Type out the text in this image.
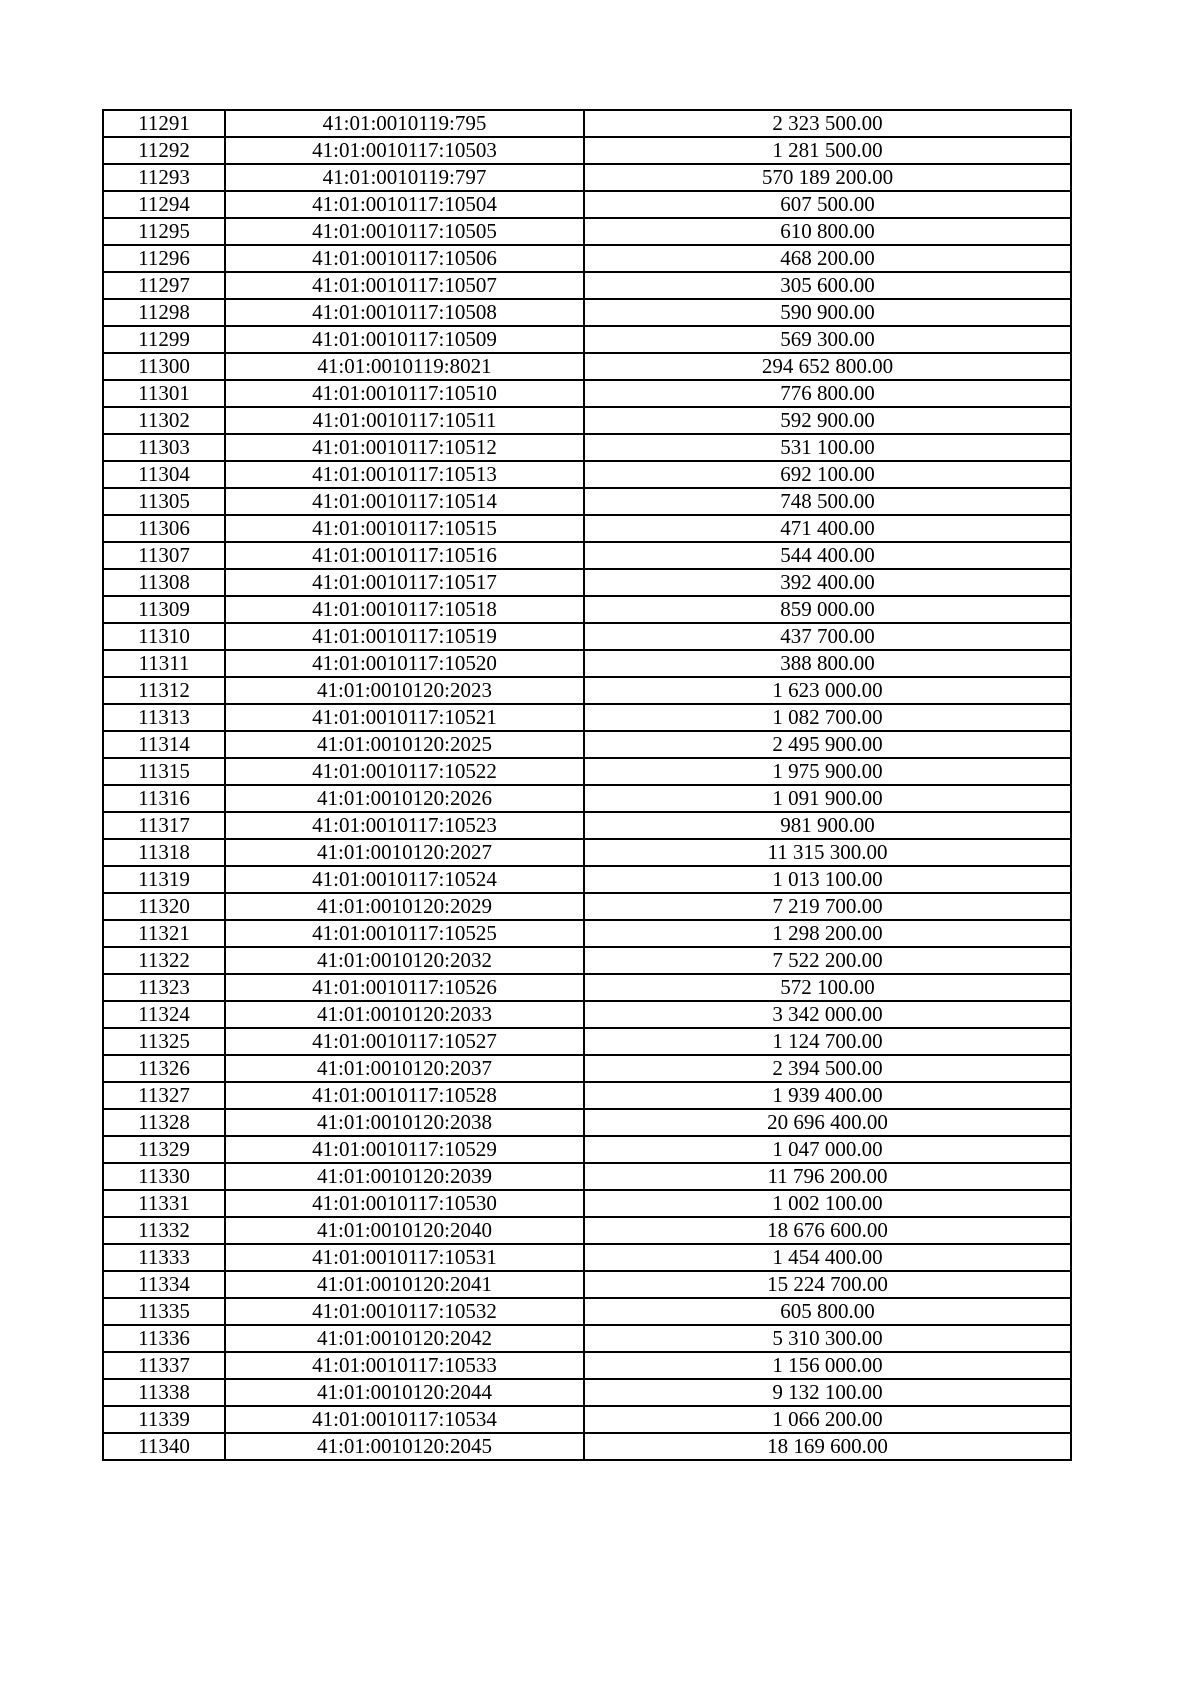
11291	41:01:0010119:795	2 323 500.00
11292	41:01:0010117:10503	1 281 500.00
11293	41:01:0010119:797	570 189 200.00
11294	41:01:0010117:10504	607 500.00
11295	41:01:0010117:10505	610 800.00
11296	41:01:0010117:10506	468 200.00
11297	41:01:0010117:10507	305 600.00
11298	41:01:0010117:10508	590 900.00
11299	41:01:0010117:10509	569 300.00
11300	41:01:0010119:8021	294 652 800.00
11301	41:01:0010117:10510	776 800.00
11302	41:01:0010117:10511	592 900.00
11303	41:01:0010117:10512	531 100.00
11304	41:01:0010117:10513	692 100.00
11305	41:01:0010117:10514	748 500.00
11306	41:01:0010117:10515	471 400.00
11307	41:01:0010117:10516	544 400.00
11308	41:01:0010117:10517	392 400.00
11309	41:01:0010117:10518	859 000.00
11310	41:01:0010117:10519	437 700.00
11311	41:01:0010117:10520	388 800.00
11312	41:01:0010120:2023	1 623 000.00
11313	41:01:0010117:10521	1 082 700.00
11314	41:01:0010120:2025	2 495 900.00
11315	41:01:0010117:10522	1 975 900.00
11316	41:01:0010120:2026	1 091 900.00
11317	41:01:0010117:10523	981 900.00
11318	41:01:0010120:2027	11 315 300.00
11319	41:01:0010117:10524	1 013 100.00
11320	41:01:0010120:2029	7 219 700.00
11321	41:01:0010117:10525	1 298 200.00
11322	41:01:0010120:2032	7 522 200.00
11323	41:01:0010117:10526	572 100.00
11324	41:01:0010120:2033	3 342 000.00
11325	41:01:0010117:10527	1 124 700.00
11326	41:01:0010120:2037	2 394 500.00
11327	41:01:0010117:10528	1 939 400.00
11328	41:01:0010120:2038	20 696 400.00
11329	41:01:0010117:10529	1 047 000.00
11330	41:01:0010120:2039	11 796 200.00
11331	41:01:0010117:10530	1 002 100.00
11332	41:01:0010120:2040	18 676 600.00
11333	41:01:0010117:10531	1 454 400.00
11334	41:01:0010120:2041	15 224 700.00
11335	41:01:0010117:10532	605 800.00
11336	41:01:0010120:2042	5 310 300.00
11337	41:01:0010117:10533	1 156 000.00
11338	41:01:0010120:2044	9 132 100.00
11339	41:01:0010117:10534	1 066 200.00
11340	41:01:0010120:2045	18 169 600.00
